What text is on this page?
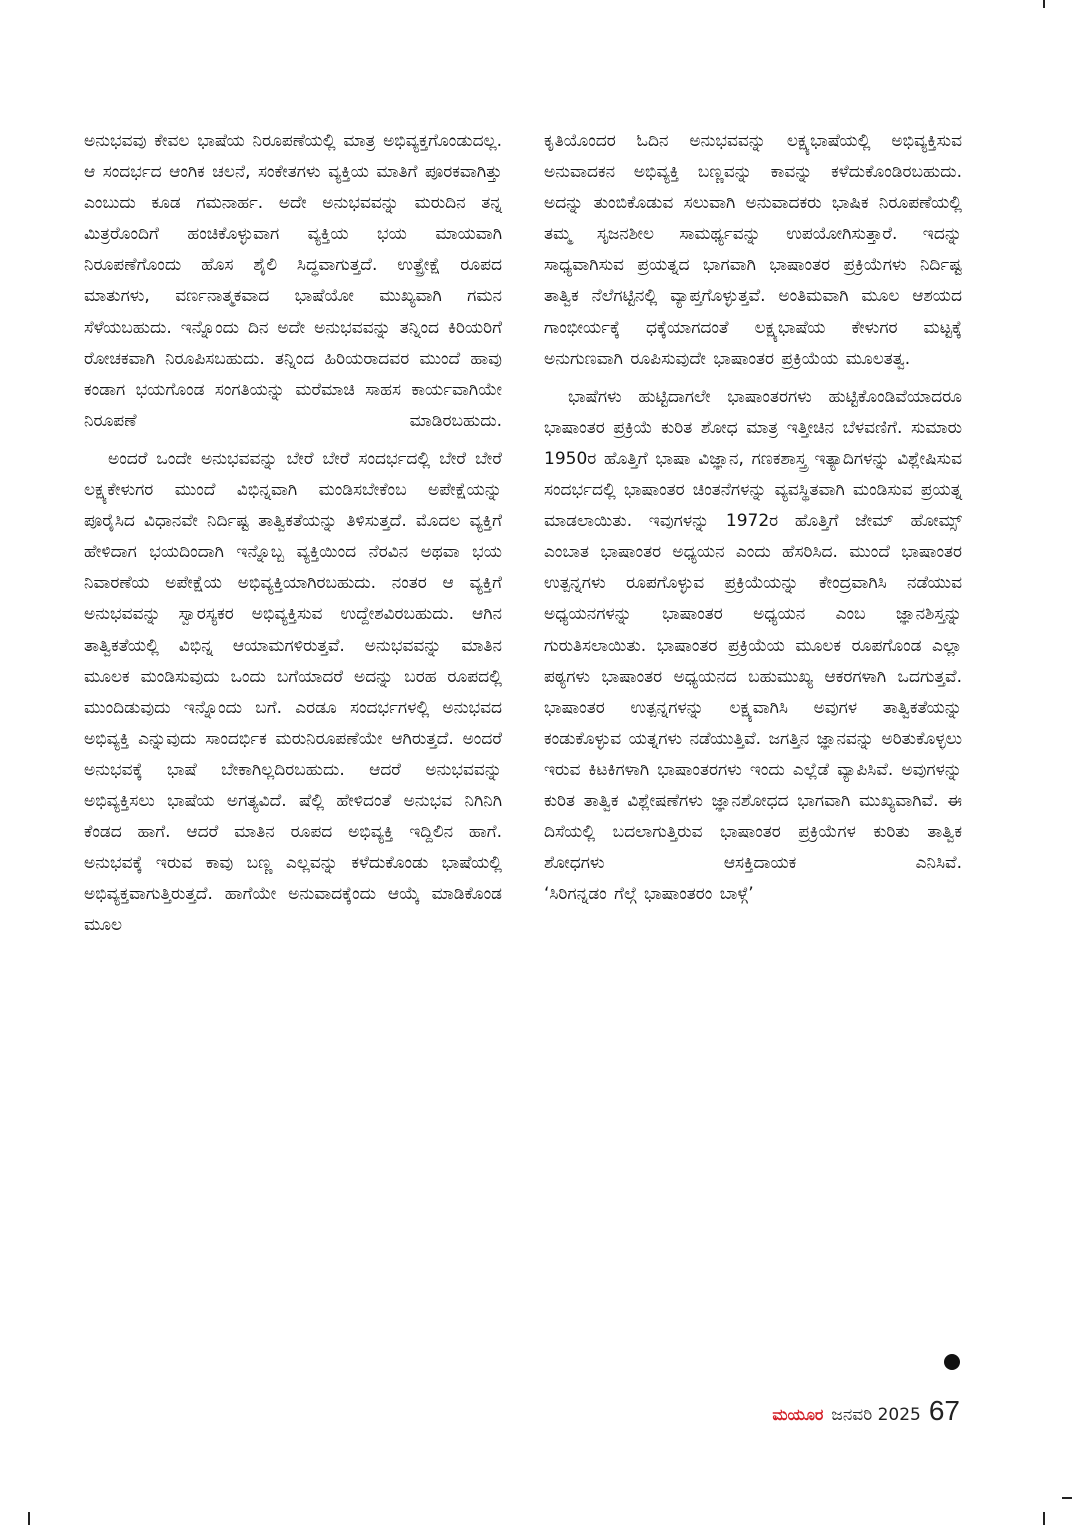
ಅನುಭವವು ಕೇವಲ ಭಾಷೆಯ ನಿರೂಪಣೆಯಲ್ಲಿ ಮಾತ್ರ ಅಭಿವ್ಯಕ್ತಗೊಂಡುದಲ್ಲ. ಆ ಸಂದರ್ಭದ ಆಂಗಿಕ ಚಲನೆ, ಸಂಕೇತಗಳು ವ್ಯಕ್ತಿಯ ಮಾತಿಗೆ ಪೂರಕವಾಗಿತ್ತು ಎಂಬುದು ಕೂಡ ಗಮನಾರ್ಹ. ಅದೇ ಅನುಭವವನ್ನು ಮರುದಿನ ತನ್ನ ಮಿತ್ರರೊಂದಿಗೆ ಹಂಚಿಕೊಳ್ಳುವಾಗ ವ್ಯಕ್ತಿಯ ಭಯ ಮಾಯವಾಗಿ ನಿರೂಪಣೆಗೊಂದು ಹೊಸ ಶೈಲಿ ಸಿದ್ಧವಾಗುತ್ತದೆ. ಉತ್ಪ್ರೇಕ್ಷೆ ರೂಪದ ಮಾತುಗಳು, ವರ್ಣನಾತ್ಮಕವಾದ ಭಾಷೆಯೋ ಮುಖ್ಯವಾಗಿ ಗಮನ ಸೆಳೆಯಬಹುದು. ಇನ್ನೊಂದು ದಿನ ಅದೇ ಅನುಭವವನ್ನು ತನ್ನಿಂದ ಕಿರಿಯರಿಗೆ ರೋಚಕವಾಗಿ ನಿರೂಪಿಸಬಹುದು. ತನ್ನಿಂದ ಹಿರಿಯರಾದವರ ಮುಂದೆ ಹಾವು ಕಂಡಾಗ ಭಯಗೊಂಡ ಸಂಗತಿಯನ್ನು ಮರೆಮಾಚಿ ಸಾಹಸ ಕಾರ್ಯವಾಗಿಯೇ ನಿರೂಪಣೆ ಮಾಡಿರಬಹುದು.

ಅಂದರೆ ಒಂದೇ ಅನುಭವವನ್ನು ಬೇರೆ ಬೇರೆ ಸಂದರ್ಭದಲ್ಲಿ ಬೇರೆ ಬೇರೆ ಲಕ್ಷ್ಯಕೇಳುಗರ ಮುಂದೆ ವಿಭಿನ್ನವಾಗಿ ಮಂಡಿಸಬೇಕೆಂಬ ಅಪೇಕ್ಷೆಯನ್ನು ಪೂರೈಸಿದ ವಿಧಾನವೇ ನಿರ್ದಿಷ್ಟ ತಾತ್ವಿಕತೆಯನ್ನು ತಿಳಿಸುತ್ತದೆ. ಮೊದಲ ವ್ಯಕ್ತಿಗೆ ಹೇಳಿದಾಗ ಭಯದಿಂದಾಗಿ ಇನ್ನೊಬ್ಬ ವ್ಯಕ್ತಿಯಿಂದ ನೆರವಿನ ಅಥವಾ ಭಯ ನಿವಾರಣೆಯ ಅಪೇಕ್ಷೆಯ ಅಭಿವ್ಯಕ್ತಿಯಾಗಿರಬಹುದು. ನಂತರ ಆ ವ್ಯಕ್ತಿಗೆ ಅನುಭವವನ್ನು ಸ್ವಾರಸ್ಯಕರ ಅಭಿವ್ಯಕ್ತಿಸುವ ಉದ್ದೇಶವಿರಬಹುದು. ಆಗಿನ ತಾತ್ವಿಕತೆಯಲ್ಲಿ ವಿಭಿನ್ನ ಆಯಾಮಗಳಿರುತ್ತವೆ. ಅನುಭವವನ್ನು ಮಾತಿನ ಮೂಲಕ ಮಂಡಿಸುವುದು ಒಂದು ಬಗೆಯಾದರೆ ಅದನ್ನು ಬರಹ ರೂಪದಲ್ಲಿ ಮುಂದಿಡುವುದು ಇನ್ನೊಂದು ಬಗೆ. ಎರಡೂ ಸಂದರ್ಭಗಳಲ್ಲಿ ಅನುಭವದ ಅಭಿವ್ಯಕ್ತಿ ಎನ್ನುವುದು ಸಾಂದರ್ಭಿಕ ಮರುನಿರೂಪಣೆಯೇ ಆಗಿರುತ್ತದೆ. ಅಂದರೆ ಅನುಭವಕ್ಕೆ ಭಾಷೆ ಬೇಕಾಗಿಲ್ಲದಿರಬಹುದು. ಆದರೆ ಅನುಭವವನ್ನು ಅಭಿವ್ಯಕ್ತಿಸಲು ಭಾಷೆಯ ಅಗತ್ಯವಿದೆ. ಷೆಲ್ಲಿ ಹೇಳಿದಂತೆ ಅನುಭವ ನಿಗಿನಿಗಿ ಕೆಂಡದ ಹಾಗೆ. ಆದರೆ ಮಾತಿನ ರೂಪದ ಅಭಿವ್ಯಕ್ತಿ ಇದ್ದಿಲಿನ ಹಾಗೆ. ಅನುಭವಕ್ಕೆ ಇರುವ ಕಾವು ಬಣ್ಣ ಎಲ್ಲವನ್ನು ಕಳೆದುಕೊಂಡು ಭಾಷೆಯಲ್ಲಿ ಅಭಿವ್ಯಕ್ತವಾಗುತ್ತಿರುತ್ತದೆ. ಹಾಗೆಯೇ ಅನುವಾದಕ್ಕೆಂದು ಆಯ್ಕೆ ಮಾಡಿಕೊಂಡ ಮೂಲ

ಕೃತಿಯೊಂದರ ಓದಿನ ಅನುಭವವನ್ನು ಲಕ್ಷ್ಯಭಾಷೆಯಲ್ಲಿ ಅಭಿವ್ಯಕ್ತಿಸುವ ಅನುವಾದಕನ ಅಭಿವ್ಯಕ್ತಿ ಬಣ್ಣವನ್ನು ಕಾವನ್ನು ಕಳೆದುಕೊಂಡಿರಬಹುದು. ಅದನ್ನು ತುಂಬಿಕೊಡುವ ಸಲುವಾಗಿ ಅನುವಾದಕರು ಭಾಷಿಕ ನಿರೂಪಣೆಯಲ್ಲಿ ತಮ್ಮ ಸೃಜನಶೀಲ ಸಾಮರ್ಥ್ಯವನ್ನು ಉಪಯೋಗಿಸುತ್ತಾರೆ. ಇದನ್ನು ಸಾಧ್ಯವಾಗಿಸುವ ಪ್ರಯತ್ನದ ಭಾಗವಾಗಿ ಭಾಷಾಂತರ ಪ್ರಕ್ರಿಯೆಗಳು ನಿರ್ದಿಷ್ಟ ತಾತ್ವಿಕ ನೆಲೆಗಟ್ಟಿನಲ್ಲಿ ವ್ಯಾಪ್ತಗೊಳ್ಳುತ್ತವೆ. ಅಂತಿಮವಾಗಿ ಮೂಲ ಆಶಯದ ಗಾಂಭೀರ್ಯಕ್ಕೆ ಧಕ್ಕೆಯಾಗದಂತೆ ಲಕ್ಷ್ಯಭಾಷೆಯ ಕೇಳುಗರ ಮಟ್ಟಕ್ಕೆ ಅನುಗುಣವಾಗಿ ರೂಪಿಸುವುದೇ ಭಾಷಾಂತರ ಪ್ರಕ್ರಿಯೆಯ ಮೂಲತತ್ವ.

ಭಾಷೆಗಳು ಹುಟ್ಟಿದಾಗಲೇ ಭಾಷಾಂತರಗಳು ಹುಟ್ಟಿಕೊಂಡಿವೆಯಾದರೂ ಭಾಷಾಂತರ ಪ್ರಕ್ರಿಯೆ ಕುರಿತ ಶೋಧ ಮಾತ್ರ ಇತ್ತೀಚಿನ ಬೆಳವಣಿಗೆ. ಸುಮಾರು 1950ರ ಹೊತ್ತಿಗೆ ಭಾಷಾ ವಿಜ್ಞಾನ, ಗಣಕಶಾಸ್ತ್ರ ಇತ್ಯಾದಿಗಳನ್ನು ವಿಶ್ಲೇಷಿಸುವ ಸಂದರ್ಭದಲ್ಲಿ ಭಾಷಾಂತರ ಚಿಂತನೆಗಳನ್ನು ವ್ಯವಸ್ಥಿತವಾಗಿ ಮಂಡಿಸುವ ಪ್ರಯತ್ನ ಮಾಡಲಾಯಿತು. ಇವುಗಳನ್ನು 1972ರ ಹೊತ್ತಿಗೆ ಜೇಮ್ ಹೋಮ್ಸ್ ಎಂಬಾತ ಭಾಷಾಂತರ ಅಧ್ಯಯನ ಎಂದು ಹೆಸರಿಸಿದ. ಮುಂದೆ ಭಾಷಾಂತರ ಉತ್ಪನ್ನಗಳು ರೂಪಗೊಳ್ಳುವ ಪ್ರಕ್ರಿಯೆಯನ್ನು ಕೇಂದ್ರವಾಗಿಸಿ ನಡೆಯುವ ಅಧ್ಯಯನಗಳನ್ನು ಭಾಷಾಂತರ ಅಧ್ಯಯನ ಎಂಬ ಜ್ಞಾನಶಿಸ್ತನ್ನು ಗುರುತಿಸಲಾಯಿತು. ಭಾಷಾಂತರ ಪ್ರಕ್ರಿಯೆಯ ಮೂಲಕ ರೂಪಗೊಂಡ ಎಲ್ಲಾ ಪಠ್ಯಗಳು ಭಾಷಾಂತರ ಅಧ್ಯಯನದ ಬಹುಮುಖ್ಯ ಆಕರಗಳಾಗಿ ಒದಗುತ್ತವೆ. ಭಾಷಾಂತರ ಉತ್ಪನ್ನಗಳನ್ನು ಲಕ್ಷ್ಯವಾಗಿಸಿ ಅವುಗಳ ತಾತ್ವಿಕತೆಯನ್ನು ಕಂಡುಕೊಳ್ಳುವ ಯತ್ನಗಳು ನಡೆಯುತ್ತಿವೆ. ಜಗತ್ತಿನ ಜ್ಞಾನವನ್ನು ಅರಿತುಕೊಳ್ಳಲು ಇರುವ ಕಿಟಕಿಗಳಾಗಿ ಭಾಷಾಂತರಗಳು ಇಂದು ಎಲ್ಲೆಡೆ ವ್ಯಾಪಿಸಿವೆ. ಅವುಗಳನ್ನು ಕುರಿತ ತಾತ್ವಿಕ ವಿಶ್ಲೇಷಣೆಗಳು ಜ್ಞಾನಶೋಧದ ಭಾಗವಾಗಿ ಮುಖ್ಯವಾಗಿವೆ. ಈ ದಿಸೆಯಲ್ಲಿ ಬದಲಾಗುತ್ತಿರುವ ಭಾಷಾಂತರ ಪ್ರಕ್ರಿಯೆಗಳ ಕುರಿತು ತಾತ್ವಿಕ ಶೋಧಗಳು ಆಸಕ್ತಿದಾಯಕ ಎನಿಸಿವೆ.

‘ಸಿರಿಗನ್ನಡಂ ಗೆಲ್ಗೆ ಭಾಷಾಂತರಂ ಬಾಳ್ಗೆ’

ಮಯೂರ ಜನವರಿ 2025 67
